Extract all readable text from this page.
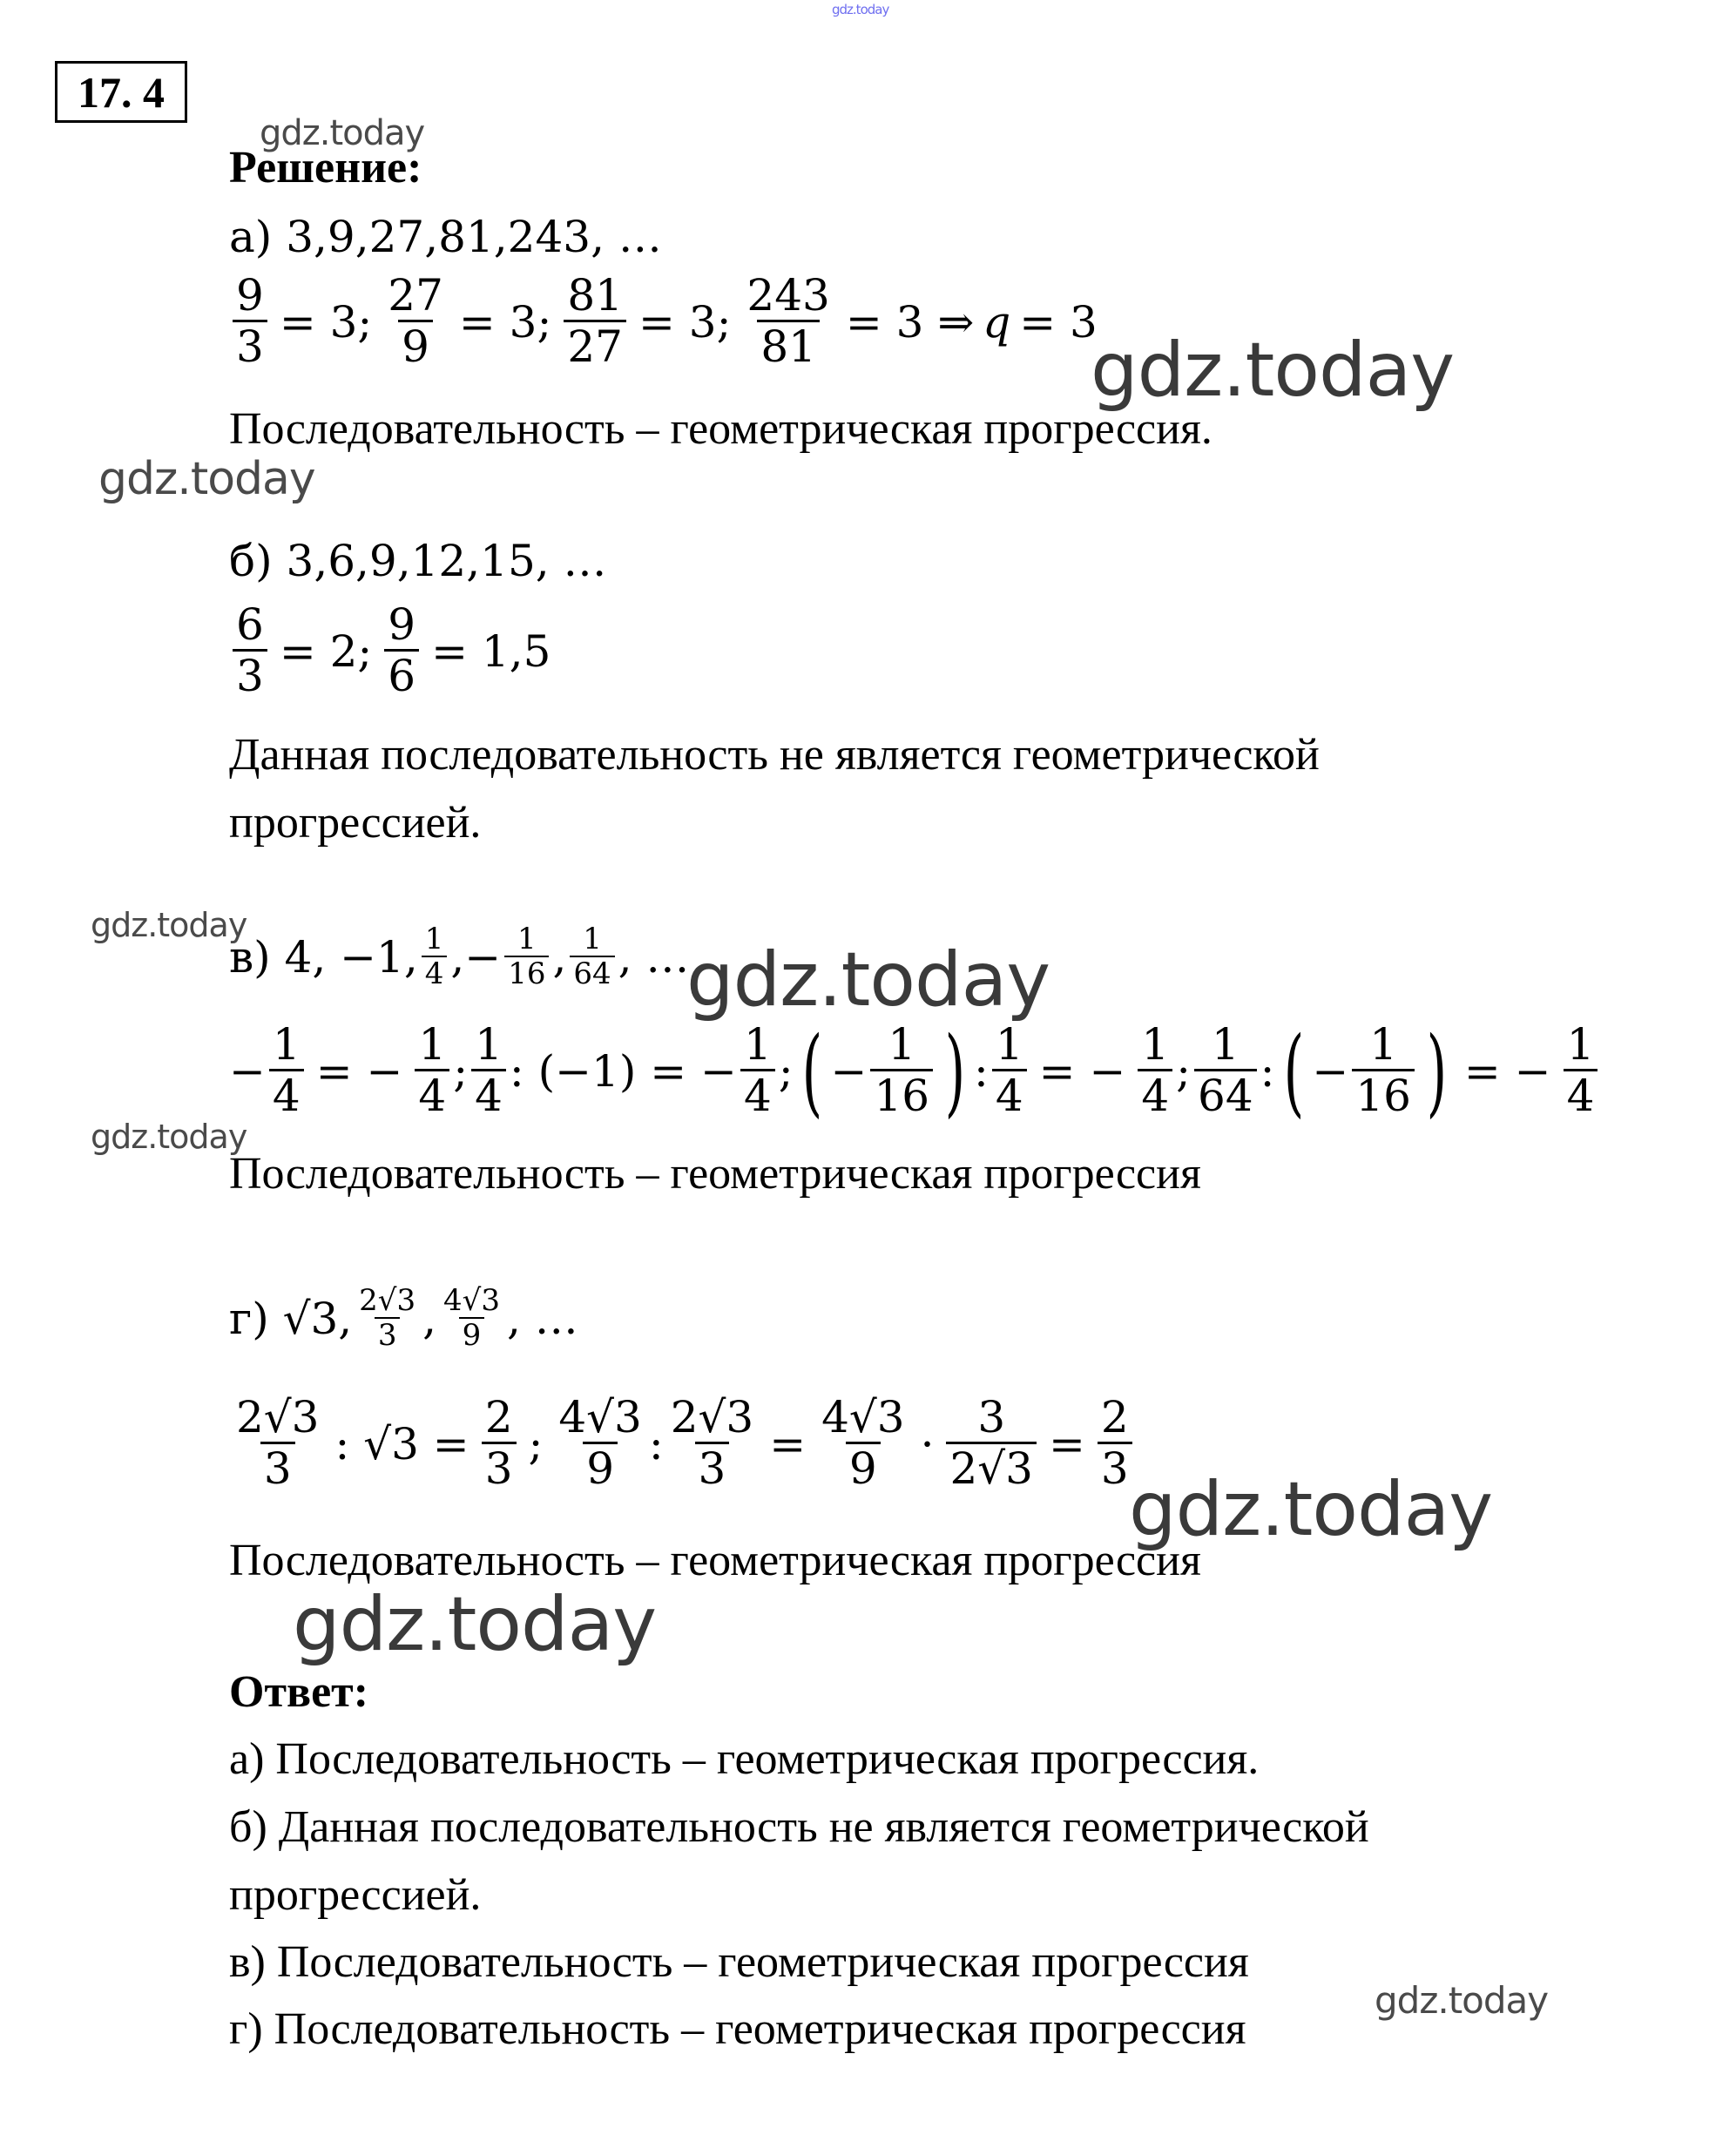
gdz.today
gdz.today
gdz.today
gdz.today
gdz.today
gdz.today
gdz.today
gdz.today
gdz.today
gdz.today
17. 4
Решение:
а) 3,9,27,81,243, …
$\frac{9}{3} = 3$; $\frac{27}{9} = 3$; $\frac{81}{27} = 3$; $\frac{243}{81} = 3$ ⇒ q = 3
Последовательность – геометрическая прогрессия.
б) 3,6,9,12,15, …
$\frac{6}{3} = 2$; $\frac{9}{6} = 1,5$
Данная последовательность не является геометрической
прогрессией.
в) 4, −1, $\frac{1}{4}$ , − $\frac{1}{16}$ , $\frac{1}{64}$ , …
− $\frac{1}{4}$ = − $\frac{1}{4}$ ; $\frac{1}{4}$ : (−1) = − $\frac{1}{4}$ ; ( − $\frac{1}{16}$ ) : $\frac{1}{4}$ = − $\frac{1}{4}$ ; $\frac{1}{64}$ : ( − $\frac{1}{16}$ ) = − $\frac{1}{4}$
Последовательность – геометрическая прогрессия
г) √3, $\frac{2√3}{3}$ , $\frac{4√3}{9}$ , …
$\frac{2√3}{3}$ : $√3 = \frac{2}{3}$ ; $\frac{4√3}{9}$ : $\frac{2√3}{3} = \frac{4√3}{9} \cdot \frac{3}{2√3} = \frac{2}{3}$
Последовательность – геометрическая прогрессия
Ответ:
а) Последовательность – геометрическая прогрессия.
б) Данная последовательность не является геометрической
прогрессией.
в) Последовательность – геометрическая прогрессия
г) Последовательность – геометрическая прогрессия
